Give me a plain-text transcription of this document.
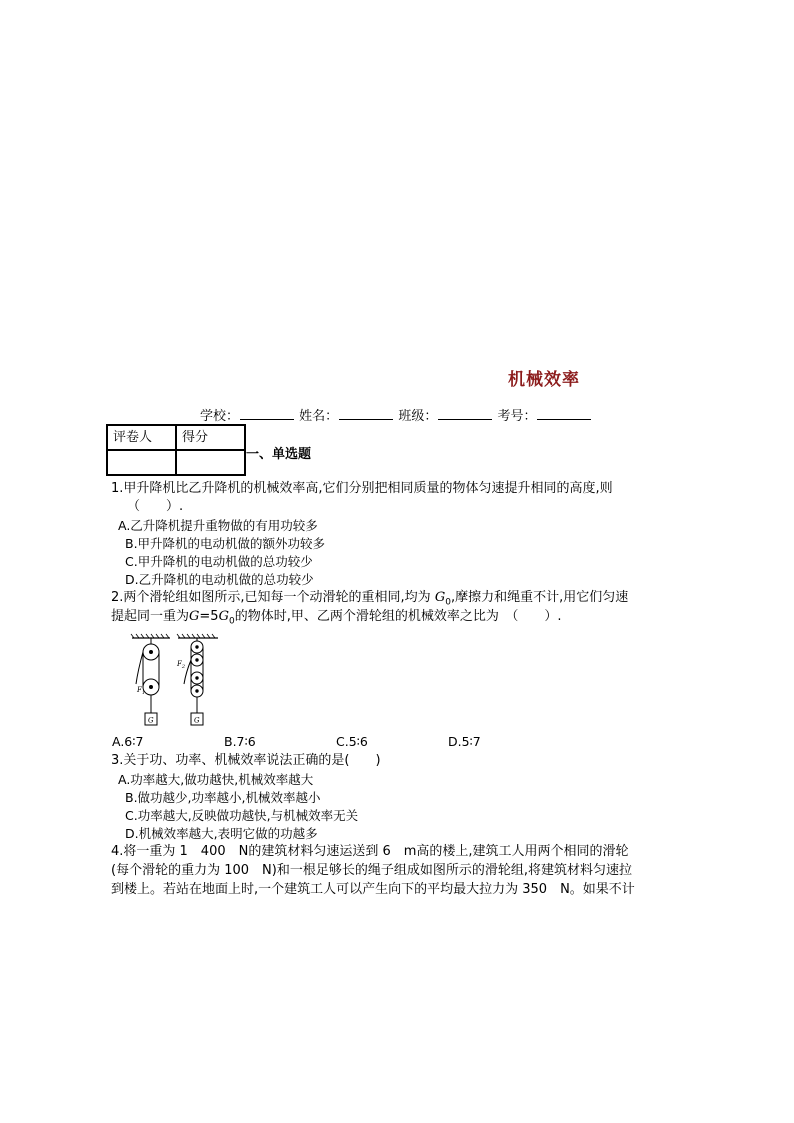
机械效率
学校：	姓名：	班级：	考号：
评卷人	得分

一、单选题
1.甲升降机比乙升降机的机械效率高,它们分别把相同质量的物体匀速提升相同的高度,则
（　　）.
A.乙升降机提升重物做的有用功较多
B.甲升降机的电动机做的额外功较多
C.甲升降机的电动机做的总功较少
D.乙升降机的电动机做的总功较少
2.两个滑轮组如图所示,已知每一个动滑轮的重相同,均为 $G_0$,摩擦力和绳重不计,用它们匀速
提起同一重为$G=5G_0$的物体时,甲、乙两个滑轮组的机械效率之比为　（　　）.
$F_1$
G
$F_2$
G
A.6∶7	B.7∶6	C.5∶6	D.5∶7
3.关于功、功率、机械效率说法正确的是(　　)
A.功率越大,做功越快,机械效率越大
B.做功越少,功率越小,机械效率越小
C.功率越大,反映做功越快,与机械效率无关
D.机械效率越大,表明它做的功越多
4.将一重为 1　400　N的建筑材料匀速运送到 6　m高的楼上,建筑工人用两个相同的滑轮
(每个滑轮的重力为 100　N)和一根足够长的绳子组成如图所示的滑轮组,将建筑材料匀速拉
到楼上。若站在地面上时,一个建筑工人可以产生向下的平均最大拉力为 350　N。如果不计
